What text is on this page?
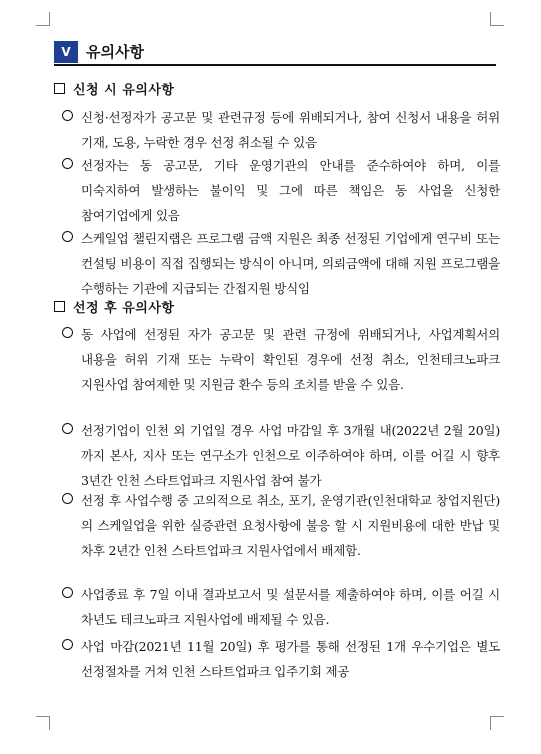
Ⅴ	유의사항
신청 시 유의사항
신청·선정자가 공고문 및 관련규정 등에 위배되거나, 참여 신청서 내용을 허위 기재, 도용, 누락한 경우 선정 취소될 수 있음
선정자는 동 공고문, 기타 운영기관의 안내를 준수하여야 하며, 이를 미숙지하여 발생하는 불이익 및 그에 따른 책임은 동 사업을 신청한 참여기업에게 있음
스케일업 챌린지랩은 프로그램 금액 지원은 최종 선정된 기업에게 연구비 또는 컨설팅 비용이 직접 집행되는 방식이 아니며, 의뢰금액에 대해 지원 프로그램을 수행하는 기관에 지급되는 간접지원 방식임
선정 후 유의사항
동 사업에 선정된 자가 공고문 및 관련 규정에 위배되거나, 사업계획서의 내용을 허위 기재 또는 누락이 확인된 경우에 선정 취소, 인천테크노파크 지원사업 참여제한 및 지원금 환수 등의 조치를 받을 수 있음.
선정기업이 인천 외 기업일 경우 사업 마감일 후 3개월 내(2022년 2월 20일)까지 본사, 지사 또는 연구소가 인천으로 이주하여야 하며, 이를 어길 시 향후 3년간 인천 스타트업파크 지원사업 참여 불가
선정 후 사업수행 중 고의적으로 취소, 포기, 운영기관(인천대학교 창업지원단)의 스케일업을 위한 실증관련 요청사항에 불응 할 시 지원비용에 대한 반납 및 차후 2년간 인천 스타트업파크 지원사업에서 배제함.
사업종료 후 7일 이내 결과보고서 및 설문서를 제출하여야 하며, 이를 어길 시 차년도 테크노파크 지원사업에 배제될 수 있음.
사업 마감(2021년 11월 20일) 후 평가를 통해 선정된 1개 우수기업은 별도 선정절차를 거쳐 인천 스타트업파크 입주기회 제공
